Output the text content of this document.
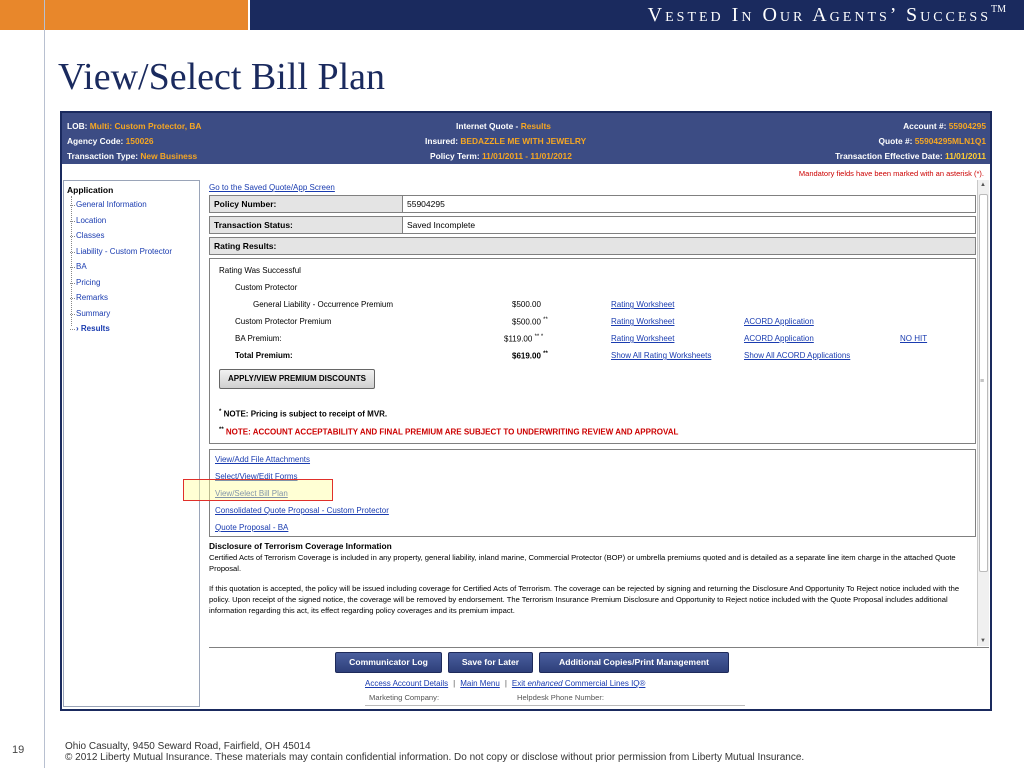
Vested In Our Agents’ Success™
View/Select Bill Plan
LOB: Multi: Custom Protector, BA
Agency Code: 150026
Transaction Type: New Business
Internet Quote - Results
Insured: BEDAZZLE ME WITH JEWELRY
Policy Term: 11/01/2011 - 11/01/2012
Account #: 55904295
Quote #: 55904295MLN1Q1
Transaction Effective Date: 11/01/2011
Mandatory fields have been marked with an asterisk (*).
Application
General Information
Location
Classes
Liability - Custom Protector
BA
Pricing
Remarks
Summary
› Results
Go to the Saved Quote/App Screen
Policy Number:	55904295
Transaction Status:	Saved Incomplete
Rating Results:
Rating Was Successful
Custom Protector
General Liability - Occurrence Premium	$500.00	Rating Worksheet
Custom Protector Premium	$500.00 **	Rating Worksheet	ACORD Application
BA Premium:	$119.00 ** *	Rating Worksheet	ACORD Application	NO HIT
Total Premium:	$619.00 **	Show All Rating Worksheets	Show All ACORD Applications
APPLY/VIEW PREMIUM DISCOUNTS
* NOTE: Pricing is subject to receipt of MVR.
** NOTE: ACCOUNT ACCEPTABILITY AND FINAL PREMIUM ARE SUBJECT TO UNDERWRITING REVIEW AND APPROVAL
View/Add File Attachments
Select/View/Edit Forms
View/Select Bill Plan
Consolidated Quote Proposal - Custom Protector
Quote Proposal - BA
Disclosure of Terrorism Coverage Information

Certified Acts of Terrorism Coverage is included in any property, general liability, inland marine, Commercial Protector (BOP) or umbrella premiums quoted and is detailed as a separate line item charge in the attached Quote Proposal.

If this quotation is accepted, the policy will be issued including coverage for Certified Acts of Terrorism. The coverage can be rejected by signing and returning the Disclosure And Opportunity To Reject notice included with the policy. Upon receipt of the signed notice, the coverage will be removed by endorsement. The Terrorism Insurance Premium Disclosure and Opportunity to Reject notice included with the Quote Proposal includes additional information regarding this act, its effect regarding policy coverages and its premium impact.

▲
≡
▼
Communicator Log	Save for Later	Additional Copies/Print Management
Access Account Details | Main Menu | Exit enhanced Commercial Lines IQ®
Marketing Company:	Helpdesk Phone Number:
19	Ohio Casualty, 9450 Seward Road, Fairfield, OH 45014
© 2012 Liberty Mutual Insurance. These materials may contain confidential information. Do not copy or disclose without prior permission from Liberty Mutual Insurance.
